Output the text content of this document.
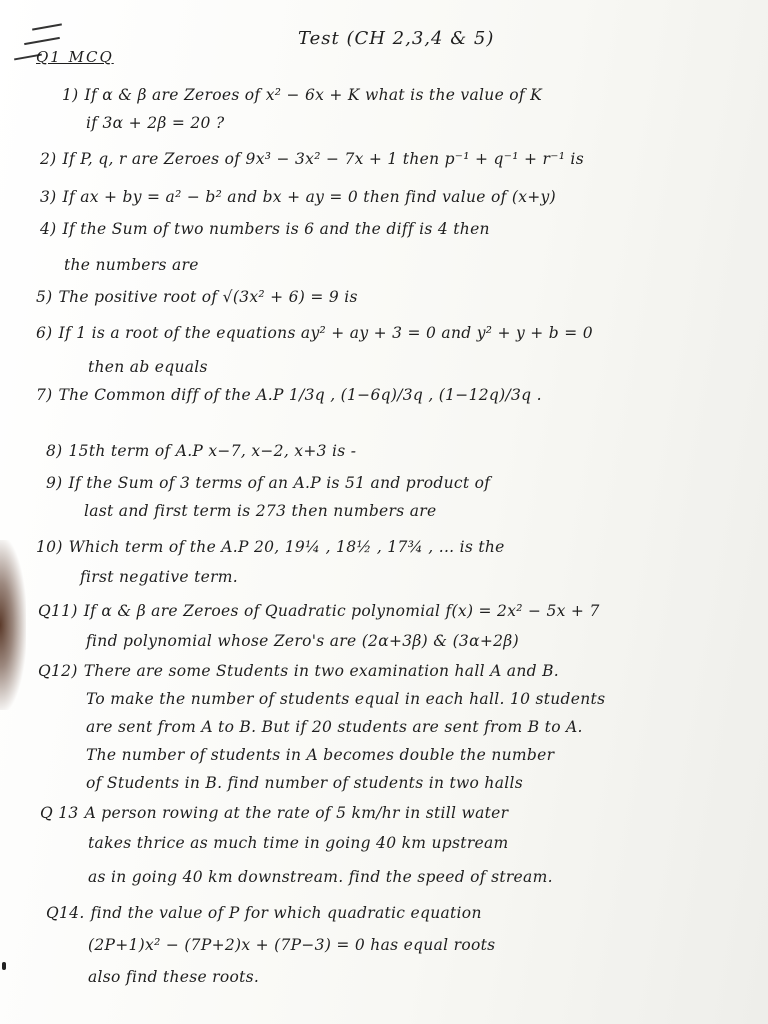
Test (CH 2,3,4 & 5)
Q1 MCQ
1) If α & β are Zeroes of x² − 6x + K what is the value of K
if 3α + 2β = 20 ?
2) If P, q, r are Zeroes of 9x³ − 3x² − 7x + 1 then p⁻¹ + q⁻¹ + r⁻¹ is
3) If ax + by = a² − b² and bx + ay = 0 then find value of (x+y)
4) If the Sum of two numbers is 6 and the diff is 4 then
the numbers are
5) The positive root of √(3x² + 6) = 9 is
6) If 1 is a root of the equations ay² + ay + 3 = 0 and y² + y + b = 0
then ab equals
7) The Common diff of the A.P 1/3q , (1−6q)/3q , (1−12q)/3q .
8) 15th term of A.P x−7, x−2, x+3 is -
9) If the Sum of 3 terms of an A.P is 51 and product of
last and first term is 273 then numbers are
10) Which term of the A.P 20, 19¼ , 18½ , 17¾ , ... is the
first negative term.
Q11) If α & β are Zeroes of Quadratic polynomial f(x) = 2x² − 5x + 7
find polynomial whose Zero's are (2α+3β) & (3α+2β)
Q12) There are some Students in two examination hall A and B.
To make the number of students equal in each hall. 10 students
are sent from A to B. But if 20 students are sent from B to A.
The number of students in A becomes double the number
of Students in B. find number of students in two halls
Q 13 A person rowing at the rate of 5 km/hr in still water
takes thrice as much time in going 40 km upstream
as in going 40 km downstream. find the speed of stream.
Q14. find the value of P for which quadratic equation
(2P+1)x² − (7P+2)x + (7P−3) = 0 has equal roots
also find these roots.
